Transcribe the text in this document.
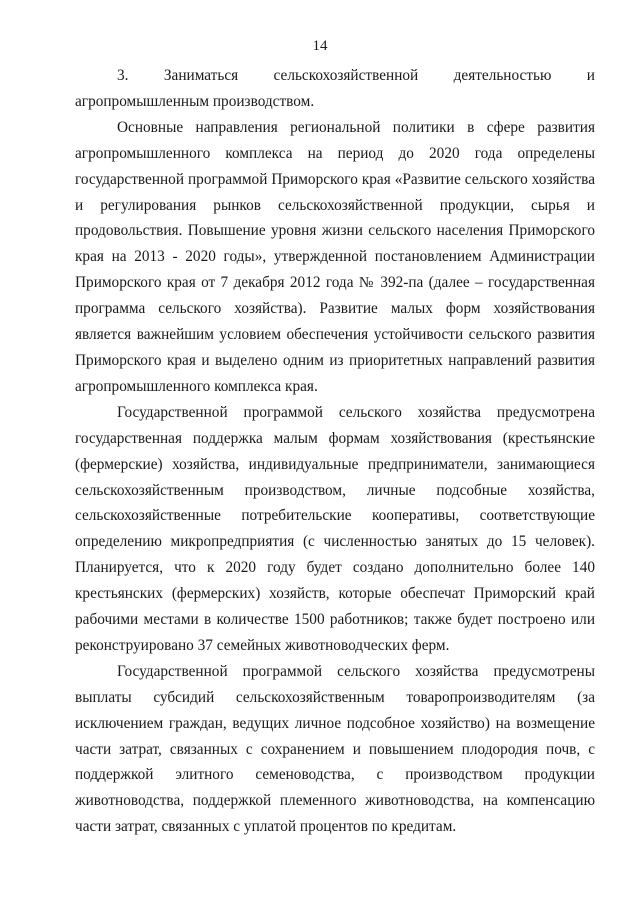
14

3. Заниматься сельскохозяйственной деятельностью и агропромышленным производством.

Основные направления региональной политики в сфере развития агропромышленного комплекса на период до 2020 года определены государственной программой Приморского края «Развитие сельского хозяйства и регулирования рынков сельскохозяйственной продукции, сырья и продовольствия. Повышение уровня жизни сельского населения Приморского края на 2013 - 2020 годы», утвержденной постановлением Администрации Приморского края от 7 декабря 2012 года № 392-па (далее – государственная программа сельского хозяйства). Развитие малых форм хозяйствования является важнейшим условием обеспечения устойчивости сельского развития Приморского края и выделено одним из приоритетных направлений развития агропромышленного комплекса края.

Государственной программой сельского хозяйства предусмотрена государственная поддержка малым формам хозяйствования (крестьянские (фермерские) хозяйства, индивидуальные предприниматели, занимающиеся сельскохозяйственным производством, личные подсобные хозяйства, сельскохозяйственные потребительские кооперативы, соответствующие определению микропредприятия (с численностью занятых до 15 человек). Планируется, что к 2020 году будет создано дополнительно более 140 крестьянских (фермерских) хозяйств, которые обеспечат Приморский край рабочими местами в количестве 1500 работников; также будет построено или реконструировано 37 семейных животноводческих ферм.

Государственной программой сельского хозяйства предусмотрены выплаты субсидий сельскохозяйственным товаропроизводителям (за исключением граждан, ведущих личное подсобное хозяйство) на возмещение части затрат, связанных с сохранением и повышением плодородия почв, с поддержкой элитного семеноводства, с производством продукции животноводства, поддержкой племенного животноводства, на компенсацию части затрат, связанных с уплатой процентов по кредитам.
